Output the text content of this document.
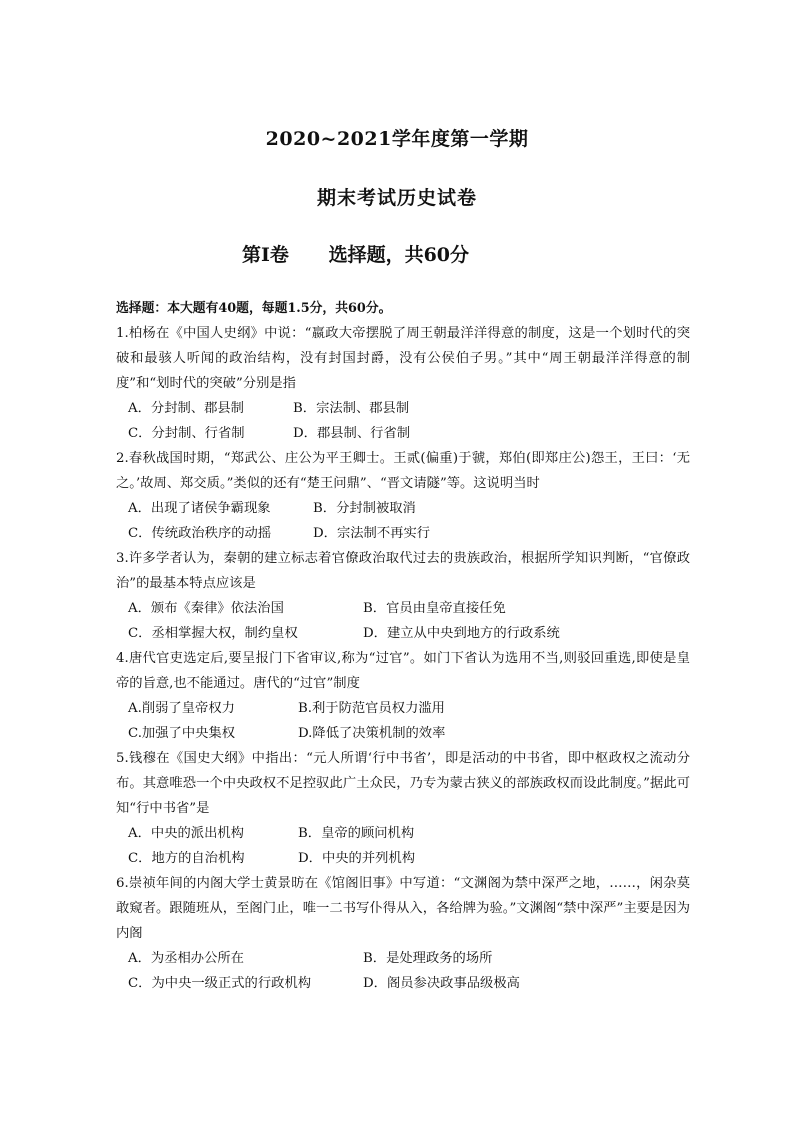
2020~2021学年度第一学期
期末考试历史试卷
第Ⅰ卷      选择题，共60分
选择题：本大题有40题，每题1.5分，共60分。

1.柏杨在《中国人史纲》中说：“嬴政大帝摆脱了周王朝最洋洋得意的制度，这是一个划时代的突破和最骇人听闻的政治结构，没有封国封爵，没有公侯伯子男。”其中“周王朝最洋洋得意的制度”和“划时代的突破”分别是指

A．分封制、郡县制	B．宗法制、郡县制
C．分封制、行省制	D．郡县制、行省制

2.春秋战国时期，“郑武公、庄公为平王卿士。王贰(偏重)于虢，郑伯(即郑庄公)怨王，王曰：‘无之。’故周、郑交质。”类似的还有“楚王问鼎”、“晋文请隧”等。这说明当时

A．出现了诸侯争霸现象	B．分封制被取消
C．传统政治秩序的动摇	D．宗法制不再实行

3.许多学者认为，秦朝的建立标志着官僚政治取代过去的贵族政治，根据所学知识判断，“官僚政治”的最基本特点应该是

A．颁布《秦律》依法治国	B．官员由皇帝直接任免
C．丞相掌握大权，制约皇权	D．建立从中央到地方的行政系统

4.唐代官吏选定后,要呈报门下省审议,称为“过官”。如门下省认为选用不当,则驳回重选,即使是皇帝的旨意,也不能通过。唐代的“过官”制度

A.削弱了皇帝权力	B.利于防范官员权力滥用
C.加强了中央集权	D.降低了决策机制的效率

5.钱穆在《国史大纲》中指出：“元人所谓‘行中书省’，即是活动的中书省，即中枢政权之流动分布。其意唯恐一个中央政权不足控驭此广土众民，乃专为蒙古狭义的部族政权而设此制度。”据此可知“行中书省”是

A．中央的派出机构	B．皇帝的顾问机构
C．地方的自治机构	D．中央的并列机构

6.崇祯年间的内阁大学士黄景昉在《馆阁旧事》中写道：“文渊阁为禁中深严之地，……，闲杂莫敢窥者。跟随班从，至阁门止，唯一二书写仆得从入，各给牌为验。”文渊阁“禁中深严”主要是因为内阁

A．为丞相办公所在	B．是处理政务的场所
C．为中央一级正式的行政机构	D．阁员参决政事品级极高
